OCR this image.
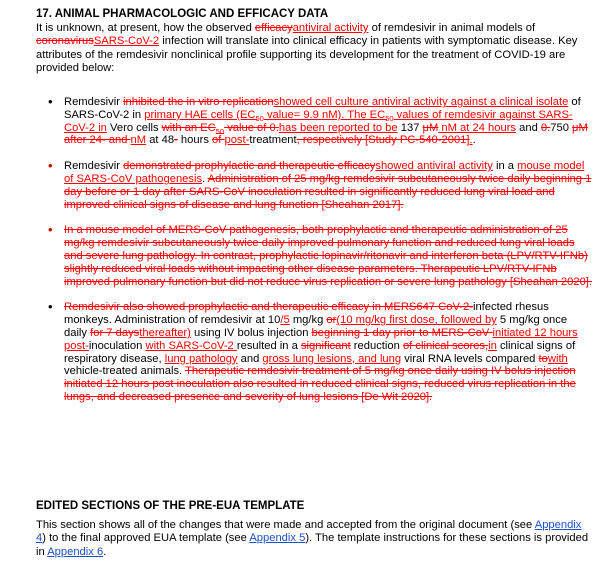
17. ANIMAL PHARMACOLOGIC AND EFFICACY DATA
It is unknown, at present, how the observed efficacyantiviral activity of remdesivir in animal models of coronavirusSARS-CoV-2 infection will translate into clinical efficacy in patients with symptomatic disease. Key attributes of the remdesivir nonclinical profile supporting its development for the treatment of COVID-19 are provided below:
• Remdesivir inhibited the in vitro replicationshowed cell culture antiviral activity against a clinical isolate of SARS-CoV-2 in primary HAE cells ($EC_{50}$ value= 9.9 nM). The $EC_{50}$ values of remdesivir against SARS-CoV-2 in Vero cells with an $EC_{50}$ value of 0.has been reported to be 137 μM nM at 24 hours and 0.750 μM after 24- and nM at 48- hours of post-treatment, respectively [Study PC-540-2001]..
• Remdesivir demonstrated prophylactic and therapeutic efficacyshowed antiviral activity in a mouse model of SARS-CoV pathogenesis. Administration of 25 mg/kg remdesivir subcutaneously twice daily beginning 1 day before or 1 day after SARS-CoV inoculation resulted in significantly reduced lung viral load and improved clinical signs of disease and lung function [Sheahan 2017].
• In a mouse model of MERS-CoV pathogenesis, both prophylactic and therapeutic administration of 25 mg/kg remdesivir subcutaneously twice daily improved pulmonary function and reduced lung viral loads and severe lung pathology. In contrast, prophylactic lopinavir/ritonavir and interferon beta (LPV/RTV-IFNb) slightly reduced viral loads without impacting other disease parameters. Therapeutic LPV/RTV-IFNb improved pulmonary function but did not reduce virus replication or severe lung pathology [Sheahan 2020].
• Remdesivir also showed prophylactic and therapeutic efficacy in MERS647 CoV-2-infected rhesus monkeys. Administration of remdesivir at 10/5 mg/kg or(10 mg/kg first dose, followed by 5 mg/kg once daily for 7 daysthereafter) using IV bolus injection beginning 1 day prior to MERS-CoV initiated 12 hours post-inoculation with SARS-CoV-2 resulted in a significant reduction of clinical scores,in clinical signs of respiratory disease, lung pathology and gross lung lesions, and lung viral RNA levels compared towith vehicle-treated animals. Therapeutic remdesivir treatment of 5 mg/kg once daily using IV bolus injection initiated 12 hours post inoculation also resulted in reduced clinical signs, reduced virus replication in the lungs, and decreased presence and severity of lung lesions [De Wit 2020].
EDITED SECTIONS OF THE PRE-EUA TEMPLATE
This section shows all of the changes that were made and accepted from the original document (see Appendix 4) to the final approved EUA template (see Appendix 5). The template instructions for these sections is provided in Appendix 6.
